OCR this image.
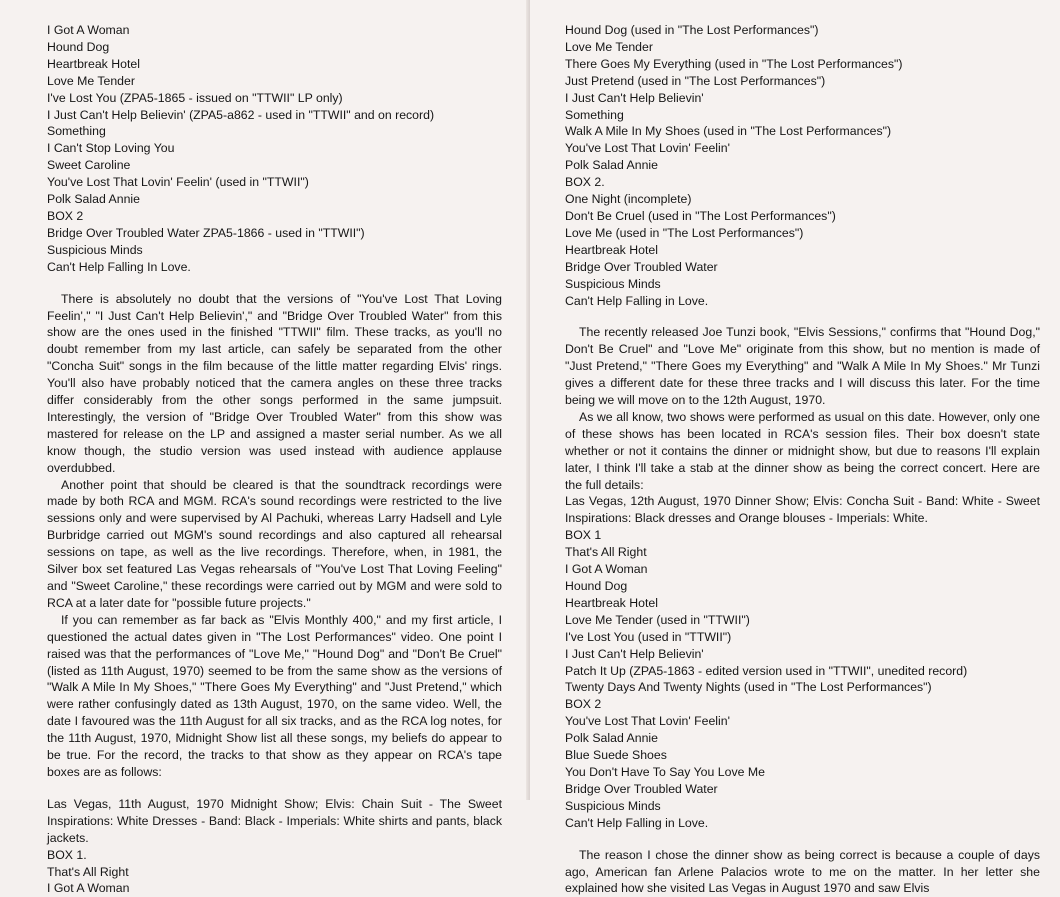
I Got A Woman
Hound Dog
Heartbreak Hotel
Love Me Tender
I've Lost You (ZPA5-1865 - issued on "TTWII" LP only)
I Just Can't Help Believin' (ZPA5-a862 - used in "TTWII" and on record)
Something
I Can't Stop Loving You
Sweet Caroline
You've Lost That Lovin' Feelin' (used in "TTWII")
Polk Salad Annie
BOX 2
Bridge Over Troubled Water ZPA5-1866 - used in "TTWII")
Suspicious Minds
Can't Help Falling In Love.

There is absolutely no doubt that the versions of "You've Lost That Loving Feelin'," "I Just Can't Help Believin'," and "Bridge Over Troubled Water" from this show are the ones used in the finished "TTWII" film. These tracks, as you'll no doubt remember from my last article, can safely be separated from the other "Concha Suit" songs in the film because of the little matter regarding Elvis' rings. You'll also have probably noticed that the camera angles on these three tracks differ considerably from the other songs performed in the same jumpsuit. Interestingly, the version of "Bridge Over Troubled Water" from this show was mastered for release on the LP and assigned a master serial number. As we all know though, the studio version was used instead with audience applause overdubbed.

Another point that should be cleared is that the soundtrack recordings were made by both RCA and MGM. RCA's sound recordings were restricted to the live sessions only and were supervised by Al Pachuki, whereas Larry Hadsell and Lyle Burbridge carried out MGM's sound recordings and also captured all rehearsal sessions on tape, as well as the live recordings. Therefore, when, in 1981, the Silver box set featured Las Vegas rehearsals of "You've Lost That Loving Feeling" and "Sweet Caroline," these recordings were carried out by MGM and were sold to RCA at a later date for "possible future projects."

If you can remember as far back as "Elvis Monthly 400," and my first article, I questioned the actual dates given in "The Lost Performances" video. One point I raised was that the performances of "Love Me," "Hound Dog" and "Don't Be Cruel" (listed as 11th August, 1970) seemed to be from the same show as the versions of "Walk A Mile In My Shoes," "There Goes My Everything" and "Just Pretend," which were rather confusingly dated as 13th August, 1970, on the same video. Well, the date I favoured was the 11th August for all six tracks, and as the RCA log notes, for the 11th August, 1970, Midnight Show list all these songs, my beliefs do appear to be true. For the record, the tracks to that show as they appear on RCA's tape boxes are as follows:

Las Vegas, 11th August, 1970 Midnight Show; Elvis: Chain Suit - The Sweet Inspirations: White Dresses - Band: Black - Imperials: White shirts and pants, black jackets.

BOX 1.
That's All Right
I Got A Woman
Hound Dog (used in "The Lost Performances")
Love Me Tender
There Goes My Everything (used in "The Lost Performances")
Just Pretend (used in "The Lost Performances")
I Just Can't Help Believin'
Something
Walk A Mile In My Shoes (used in "The Lost Performances")
You've Lost That Lovin' Feelin'
Polk Salad Annie
BOX 2.
One Night (incomplete)
Don't Be Cruel (used in "The Lost Performances")
Love Me (used in "The Lost Performances")
Heartbreak Hotel
Bridge Over Troubled Water
Suspicious Minds
Can't Help Falling in Love.

The recently released Joe Tunzi book, "Elvis Sessions," confirms that "Hound Dog," Don't Be Cruel" and "Love Me" originate from this show, but no mention is made of "Just Pretend," "There Goes my Everything" and "Walk A Mile In My Shoes." Mr Tunzi gives a different date for these three tracks and I will discuss this later. For the time being we will move on to the 12th August, 1970.

As we all know, two shows were performed as usual on this date. However, only one of these shows has been located in RCA's session files. Their box doesn't state whether or not it contains the dinner or midnight show, but due to reasons I'll explain later, I think I'll take a stab at the dinner show as being the correct concert. Here are the full details:

Las Vegas, 12th August, 1970 Dinner Show; Elvis: Concha Suit - Band: White - Sweet Inspirations: Black dresses and Orange blouses - Imperials: White.

BOX 1
That's All Right
I Got A Woman
Hound Dog
Heartbreak Hotel
Love Me Tender (used in "TTWII")
I've Lost You (used in "TTWII")
I Just Can't Help Believin'
Patch It Up (ZPA5-1863 - edited version used in "TTWII", unedited record)
Twenty Days And Twenty Nights (used in "The Lost Performances")
BOX 2
You've Lost That Lovin' Feelin'
Polk Salad Annie
Blue Suede Shoes
You Don't Have To Say You Love Me
Bridge Over Troubled Water
Suspicious Minds
Can't Help Falling in Love.

The reason I chose the dinner show as being correct is because a couple of days ago, American fan Arlene Palacios wrote to me on the matter. In her letter she explained how she visited Las Vegas in August 1970 and saw Elvis
